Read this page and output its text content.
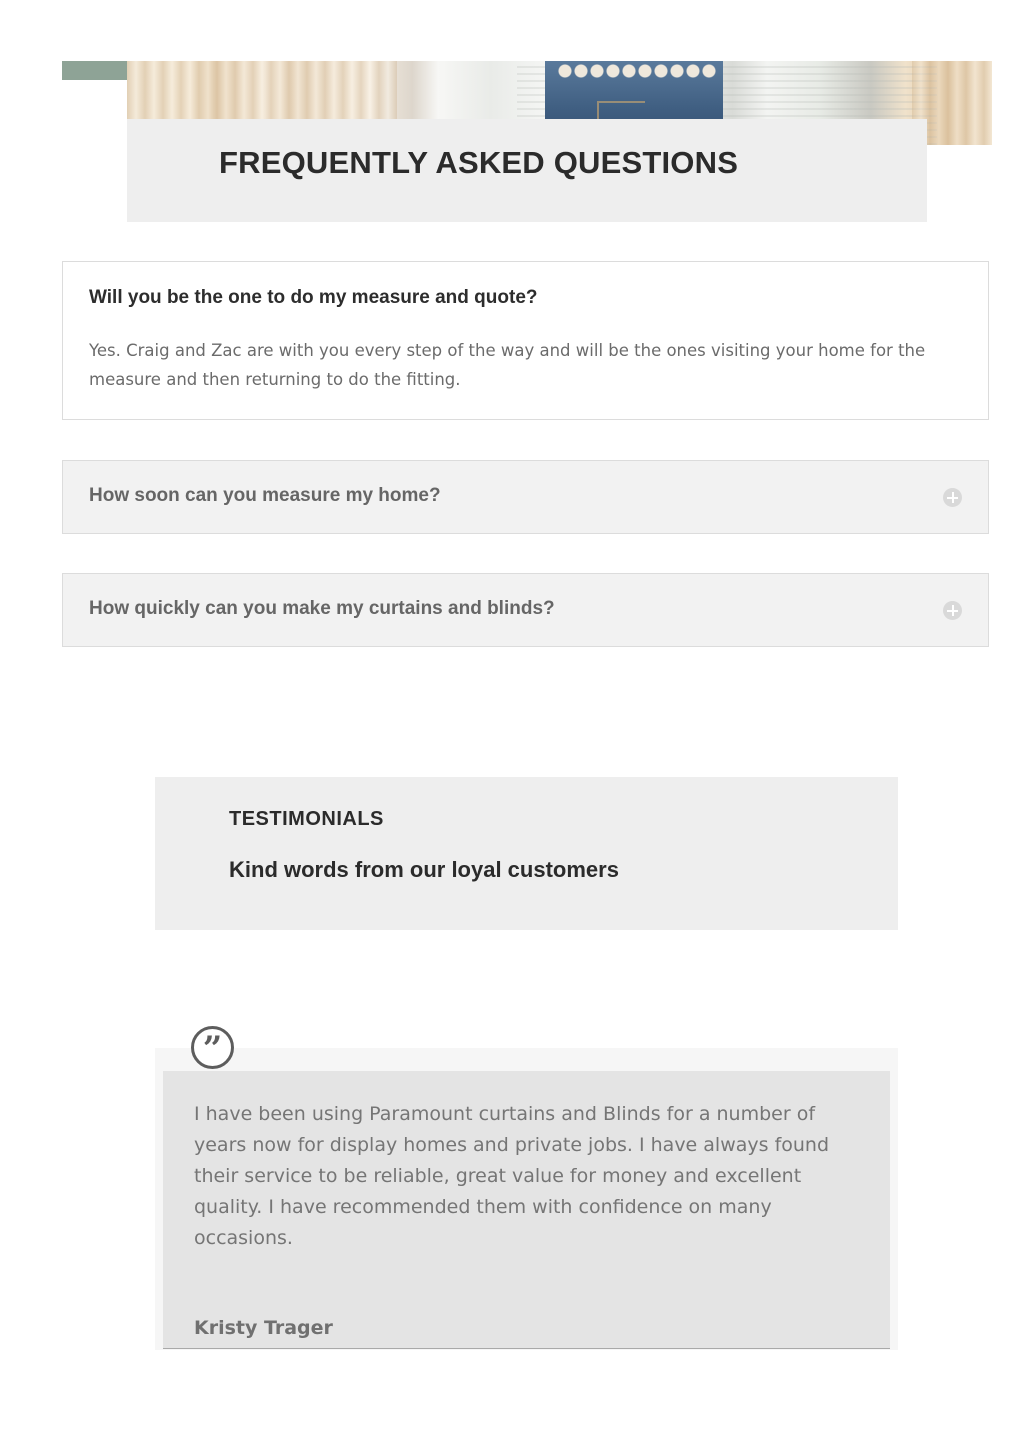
FREQUENTLY ASKED QUESTIONS
Will you be the one to do my measure and quote?

Yes. Craig and Zac are with you every step of the way and will be the ones visiting your home for the measure and then returning to do the fitting.

How soon can you measure my home?
How quickly can you make my curtains and blinds?
TESTIMONIALS
Kind words from our loyal customers

I have been using Paramount curtains and Blinds for a number of years now for display homes and private jobs. I have always found their service to be reliable, great value for money and excellent quality. I have recommended them with confidence on many occasions.

Kristy Trager

”
